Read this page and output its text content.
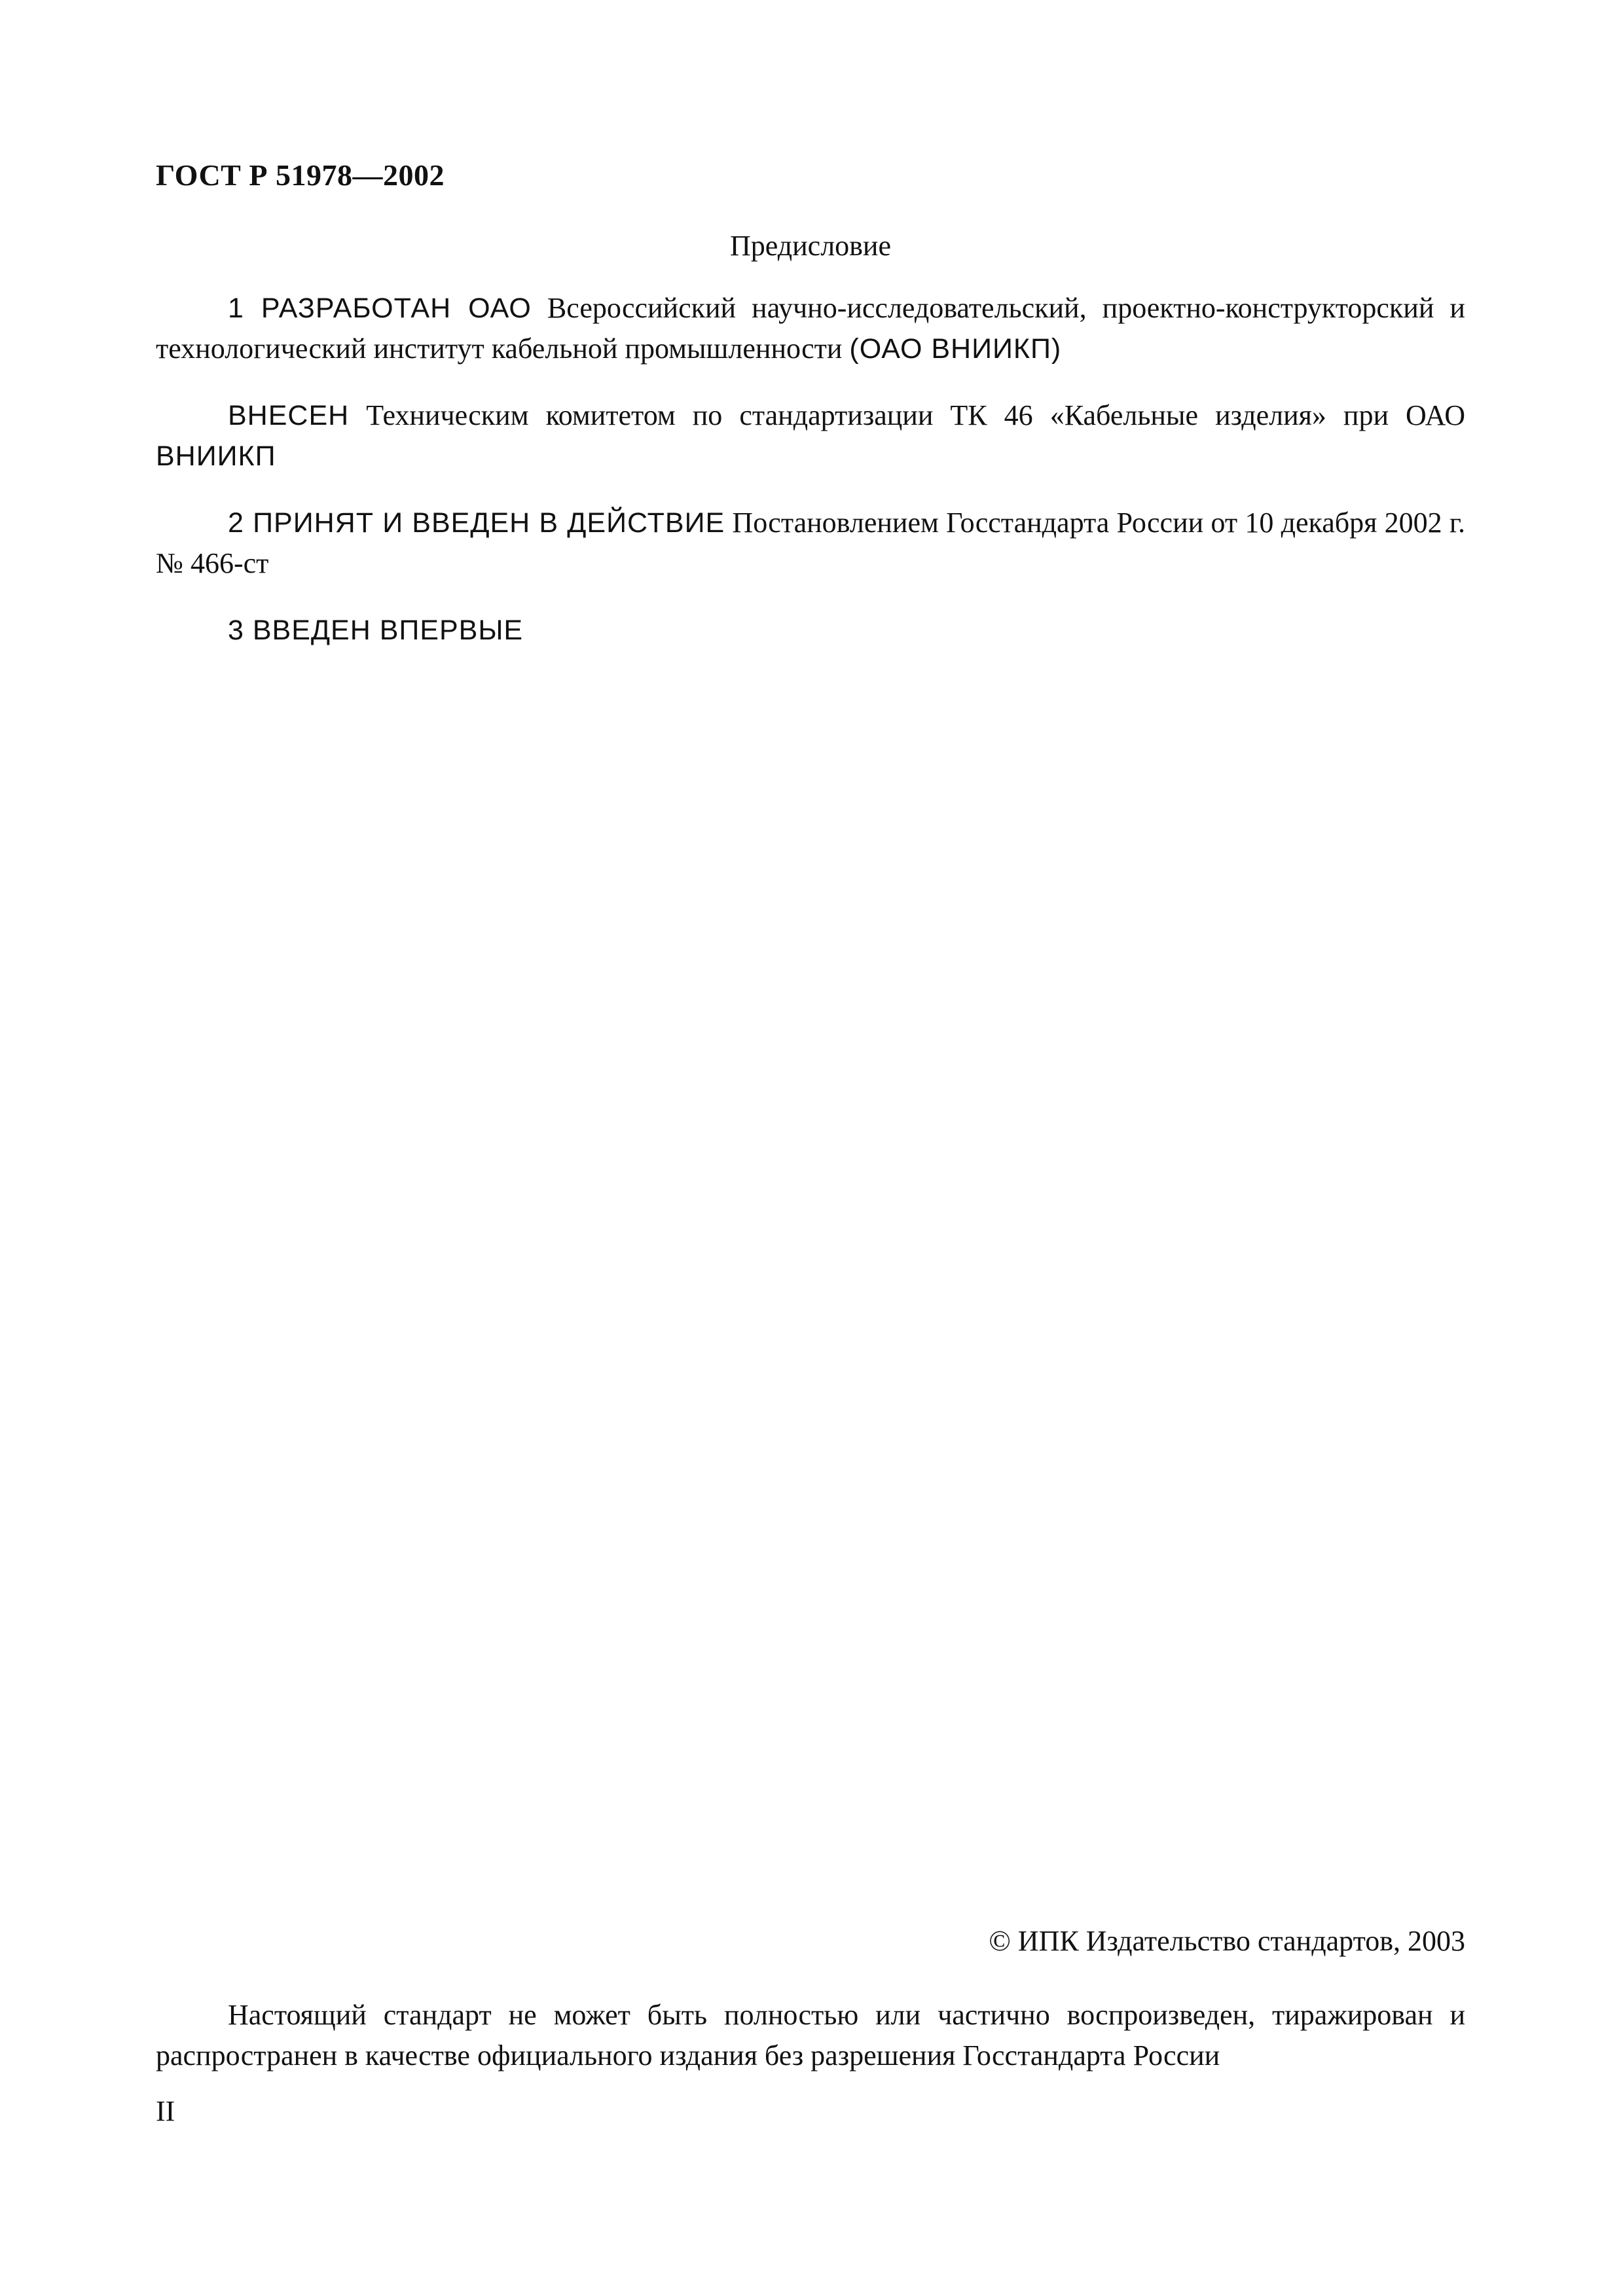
ГОСТ Р 51978—2002
Предисловие

1 РАЗРАБОТАН ОАО Всероссийский научно-исследовательский, проектно-конструкторский и технологический институт кабельной промышленности (ОАО ВНИИКП)

ВНЕСЕН Техническим комитетом по стандартизации ТК 46 «Кабельные изделия» при ОАО ВНИИКП

2 ПРИНЯТ И ВВЕДЕН В ДЕЙСТВИЕ Постановлением Госстандарта России от 10 декабря 2002 г. № 466-ст

3 ВВЕДЕН ВПЕРВЫЕ

© ИПК Издательство стандартов, 2003

Настоящий стандарт не может быть полностью или частично воспроизведен, тиражирован и распространен в качестве официального издания без разрешения Госстандарта России

II
